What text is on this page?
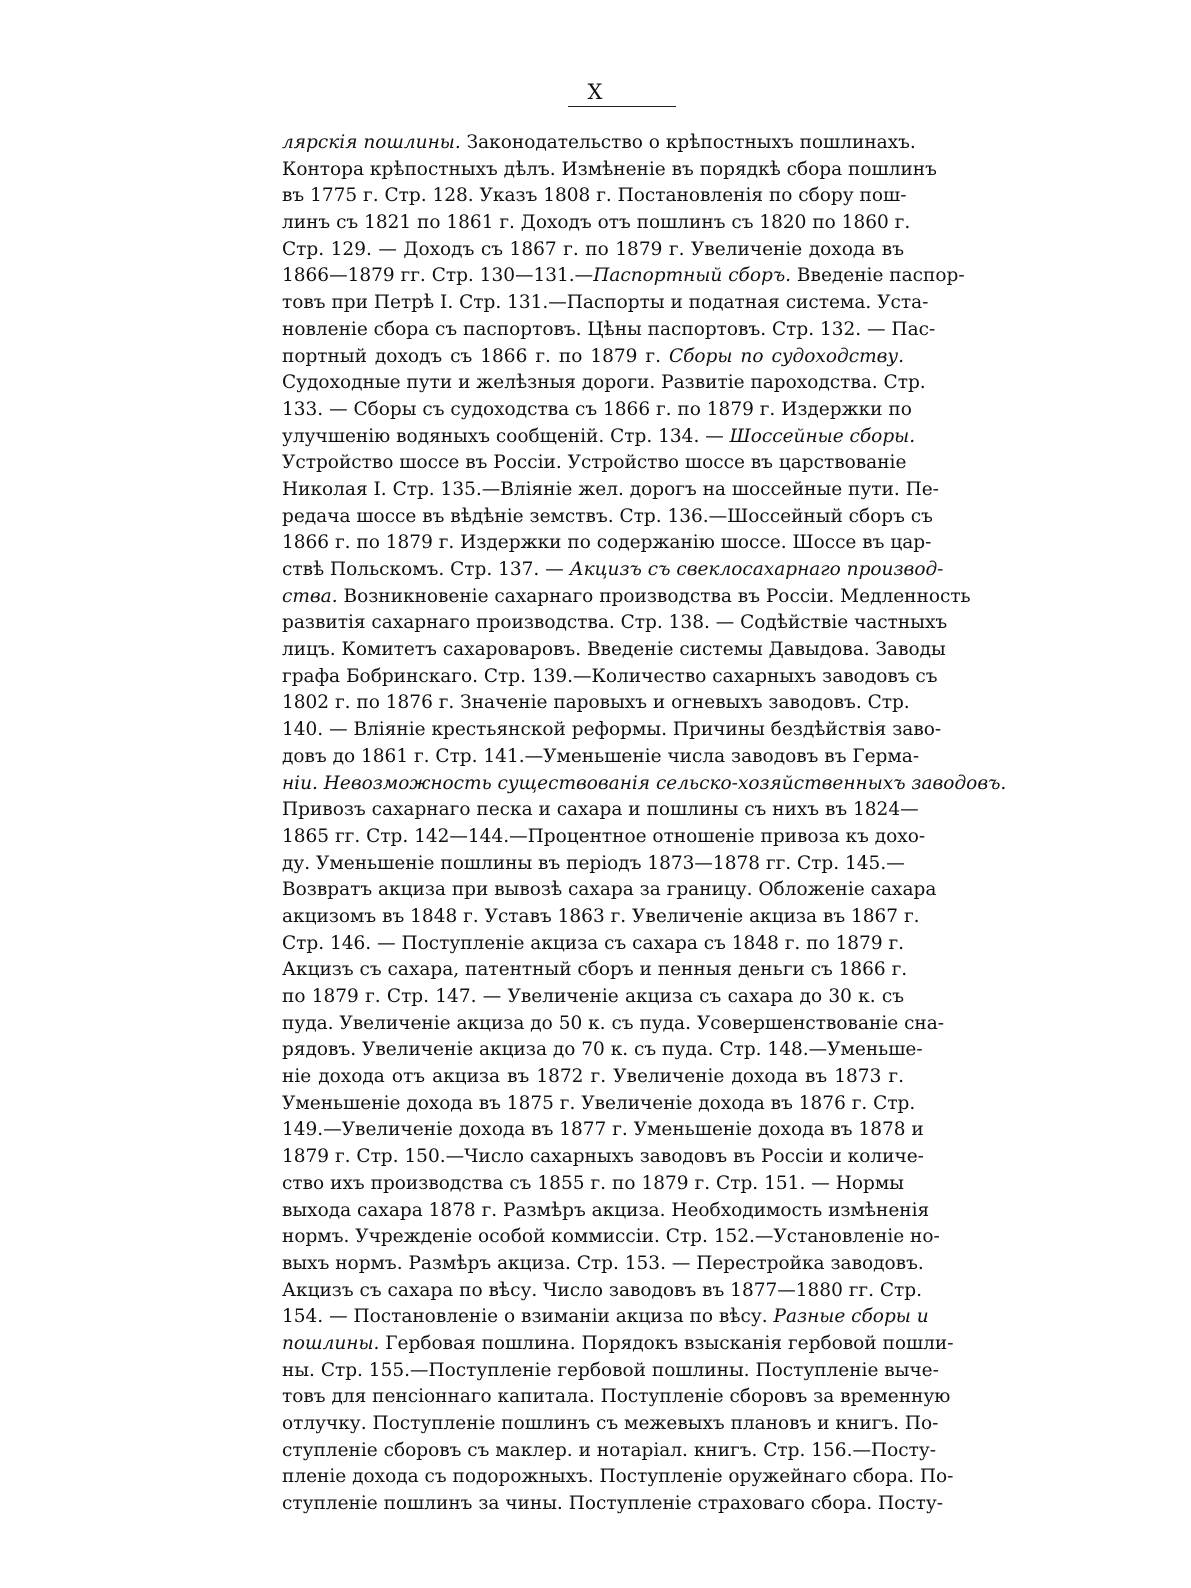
X
лярскія пошлины. Законодательство о крѣпостныхъ пошлинахъ.
Контора крѣпостныхъ дѣлъ. Измѣненіе въ порядкѣ сбора пошлинъ
въ 1775 г. Стр. 128. Указъ 1808 г. Постановленія по сбору пош-
линъ съ 1821 по 1861 г. Доходъ отъ пошлинъ съ 1820 по 1860 г.
Стр. 129. — Доходъ съ 1867 г. по 1879 г. Увеличеніе дохода въ
1866—1879 гг. Стр. 130—131.—Паспортный сборъ. Введеніе паспор-
товъ при Петрѣ I. Стр. 131.—Паспорты и податная система. Уста-
новленіе сбора съ паспортовъ. Цѣны паспортовъ. Стр. 132. — Пас-
портный доходъ съ 1866 г. по 1879 г. Сборы по судоходству.
Судоходные пути и желѣзныя дороги. Развитіе пароходства. Стр.
133. — Сборы съ судоходства съ 1866 г. по 1879 г. Издержки по
улучшенію водяныхъ сообщеній. Стр. 134. — Шоссейные сборы.
Устройство шоссе въ Россіи. Устройство шоссе въ царствованіе
Николая I. Стр. 135.—Вліяніе жел. дорогъ на шоссейные пути. Пе-
редача шоссе въ вѣдѣніе земствъ. Стр. 136.—Шоссейный сборъ съ
1866 г. по 1879 г. Издержки по содержанію шоссе. Шоссе въ цар-
ствѣ Польскомъ. Стр. 137. — Акцизъ съ свеклосахарнаго производ-
ства. Возникновеніе сахарнаго производства въ Россіи. Медленность
развитія сахарнаго производства. Стр. 138. — Содѣйствіе частныхъ
лицъ. Комитетъ сахароваровъ. Введеніе системы Давыдова. Заводы
графа Бобринскаго. Стр. 139.—Количество сахарныхъ заводовъ съ
1802 г. по 1876 г. Значеніе паровыхъ и огневыхъ заводовъ. Стр.
140. — Вліяніе крестьянской реформы. Причины бездѣйствія заво-
довъ до 1861 г. Стр. 141.—Уменьшеніе числа заводовъ въ Герма-
ніи. Невозможность существованія сельско-хозяйственныхъ заводовъ.
Привозъ сахарнаго песка и сахара и пошлины съ нихъ въ 1824—
1865 гг. Стр. 142—144.—Процентное отношеніе привоза къ дохо-
ду. Уменьшеніе пошлины въ періодъ 1873—1878 гг. Стр. 145.—
Возвратъ акциза при вывозѣ сахара за границу. Обложеніе сахара
акцизомъ въ 1848 г. Уставъ 1863 г. Увеличеніе акциза въ 1867 г.
Стр. 146. — Поступленіе акциза съ сахара съ 1848 г. по 1879 г.
Акцизъ съ сахара, патентный сборъ и пенныя деньги съ 1866 г.
по 1879 г. Стр. 147. — Увеличеніе акциза съ сахара до 30 к. съ
пуда. Увеличеніе акциза до 50 к. съ пуда. Усовершенствованіе сна-
рядовъ. Увеличеніе акциза до 70 к. съ пуда. Стр. 148.—Уменьше-
ніе дохода отъ акциза въ 1872 г. Увеличеніе дохода въ 1873 г.
Уменьшеніе дохода въ 1875 г. Увеличеніе дохода въ 1876 г. Стр.
149.—Увеличеніе дохода въ 1877 г. Уменьшеніе дохода въ 1878 и
1879 г. Стр. 150.—Число сахарныхъ заводовъ въ Россіи и количе-
ство ихъ производства съ 1855 г. по 1879 г. Стр. 151. — Нормы
выхода сахара 1878 г. Размѣръ акциза. Необходимость измѣненія
нормъ. Учрежденіе особой коммиссіи. Стр. 152.—Установленіе но-
выхъ нормъ. Размѣръ акциза. Стр. 153. — Перестройка заводовъ.
Акцизъ съ сахара по вѣсу. Число заводовъ въ 1877—1880 гг. Стр.
154. — Постановленіе о взиманіи акциза по вѣсу. Разные сборы и
пошлины. Гербовая пошлина. Порядокъ взысканія гербовой пошли-
ны. Стр. 155.—Поступленіе гербовой пошлины. Поступленіе выче-
товъ для пенсіоннаго капитала. Поступленіе сборовъ за временную
отлучку. Поступленіе пошлинъ съ межевыхъ плановъ и книгъ. По-
ступленіе сборовъ съ маклер. и нотаріал. книгъ. Стр. 156.—Посту-
пленіе дохода съ подорожныхъ. Поступленіе оружейнаго сбора. По-
ступленіе пошлинъ за чины. Поступленіе страховаго сбора. Посту-
